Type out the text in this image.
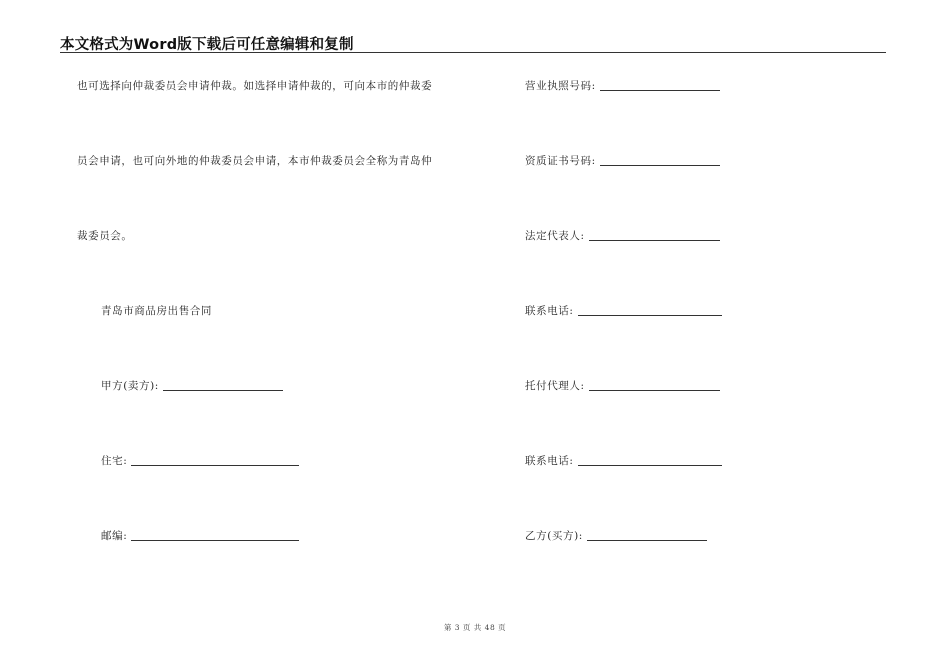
本文格式为Word版下载后可任意编辑和复制
也可选择向仲裁委员会申请仲裁。如选择申请仲裁的，可向本市的仲裁委
员会申请，也可向外地的仲裁委员会申请，本市仲裁委员会全称为青岛仲
裁委员会。
青岛市商品房出售合同
甲方(卖方):
住宅:
邮编:
营业执照号码:
资质证书号码:
法定代表人:
联系电话:
托付代理人:
联系电话:
乙方(买方):
第 3 页 共 48 页
